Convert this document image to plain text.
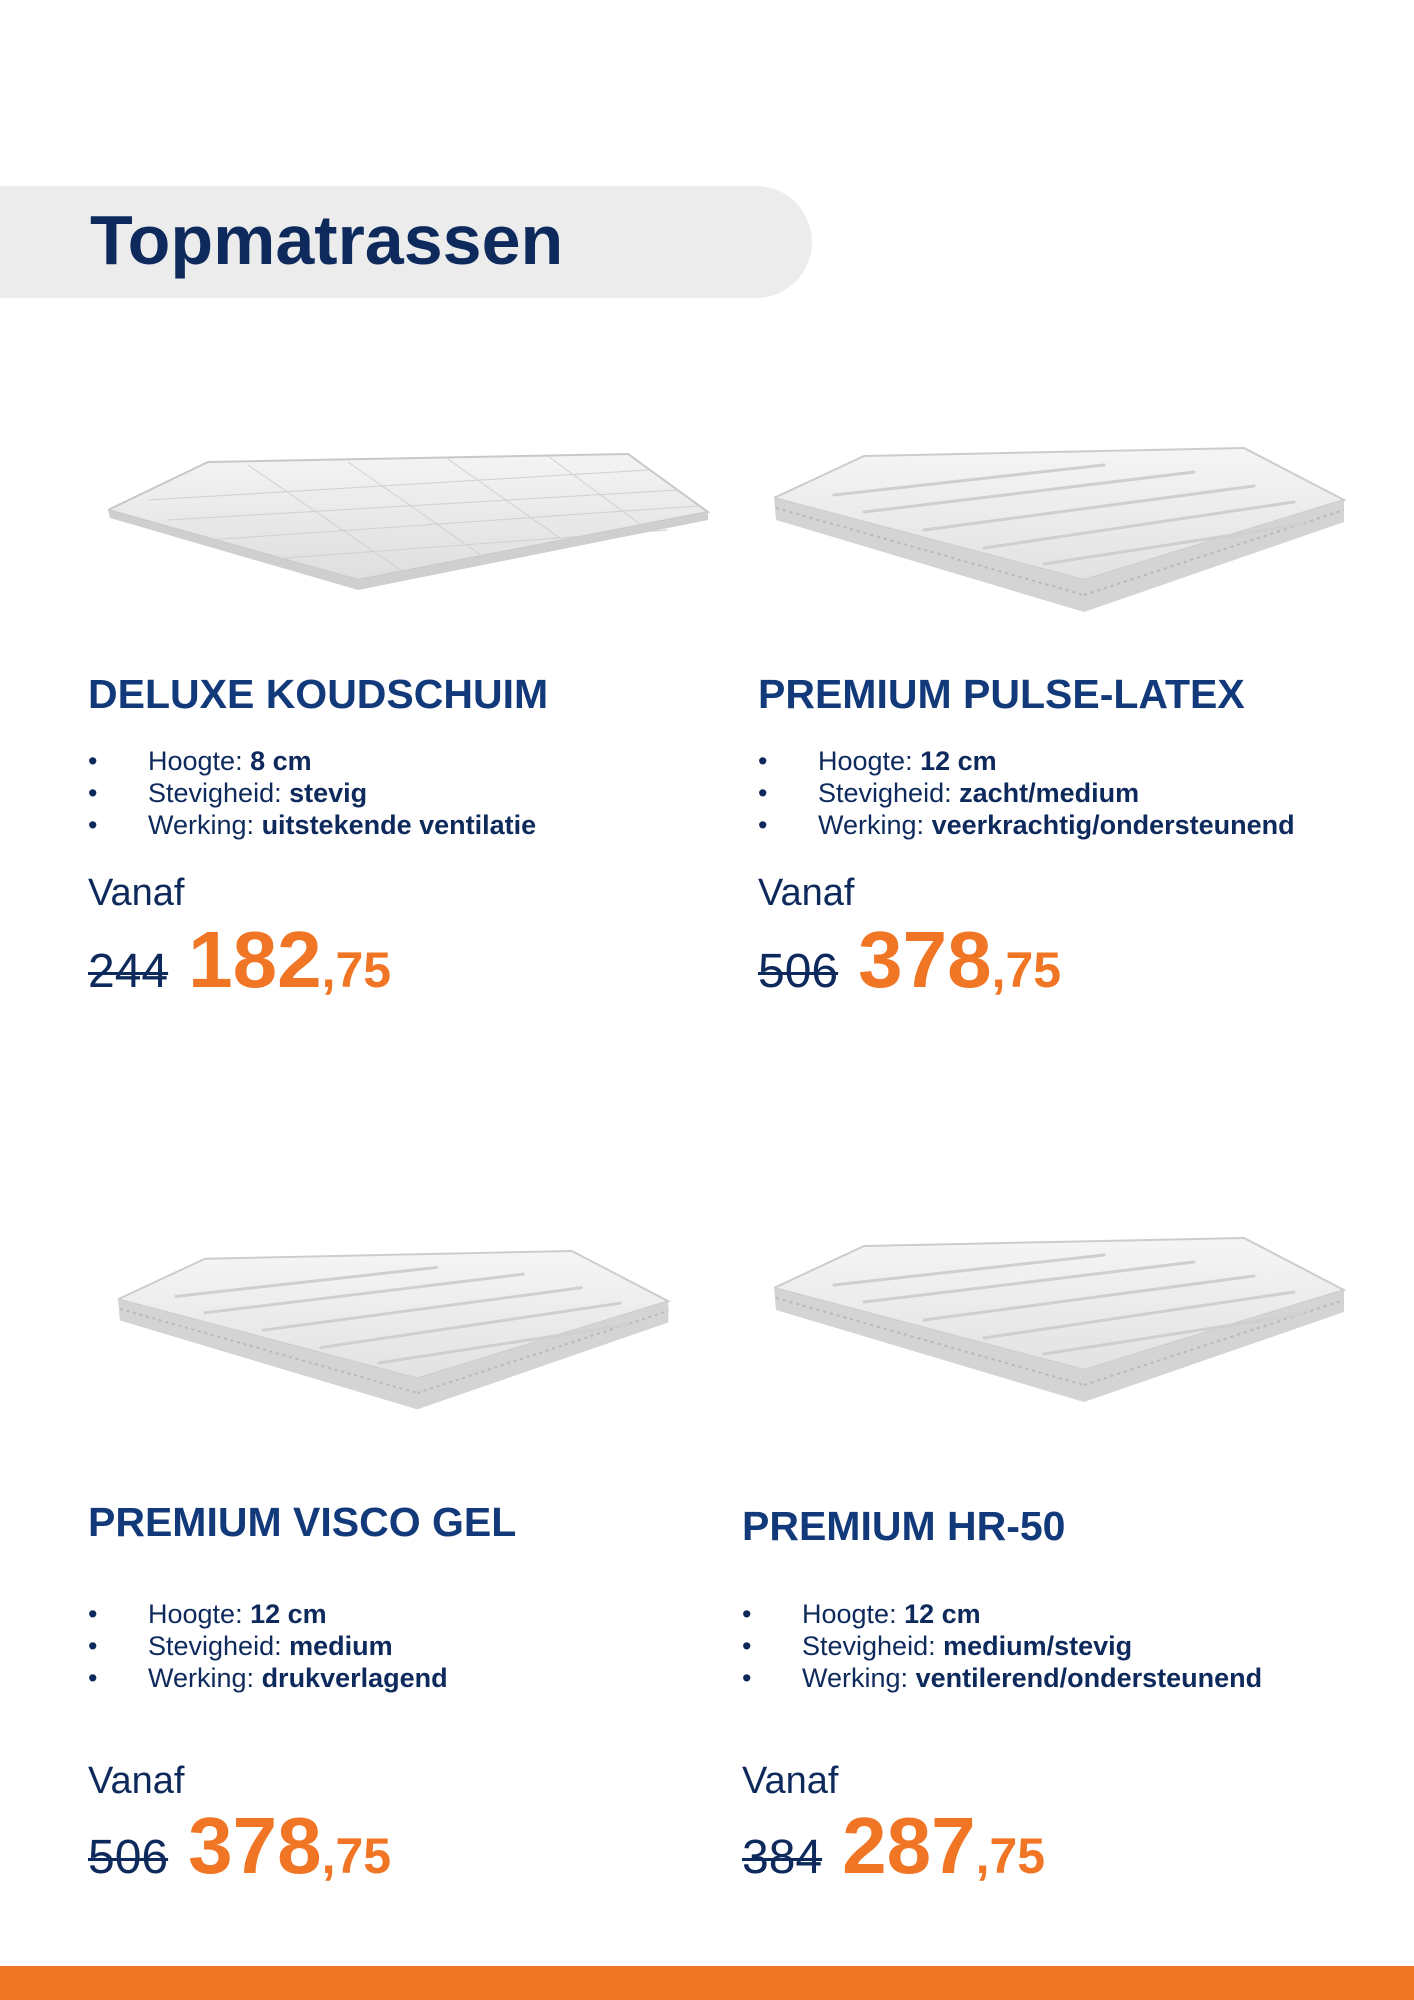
Topmatrassen
DELUXE KOUDSCHUIM
• Hoogte: 8 cm
• Stevigheid: stevig
• Werking: uitstekende ventilatie
Vanaf
244 182,75
PREMIUM PULSE-LATEX
• Hoogte: 12 cm
• Stevigheid: zacht/medium
• Werking: veerkrachtig/ondersteunend
Vanaf
506 378,75
PREMIUM VISCO GEL
• Hoogte: 12 cm
• Stevigheid: medium
• Werking: drukverlagend
Vanaf
506 378,75
PREMIUM HR-50
• Hoogte: 12 cm
• Stevigheid: medium/stevig
• Werking: ventilerend/ondersteunend
Vanaf
384 287,75
